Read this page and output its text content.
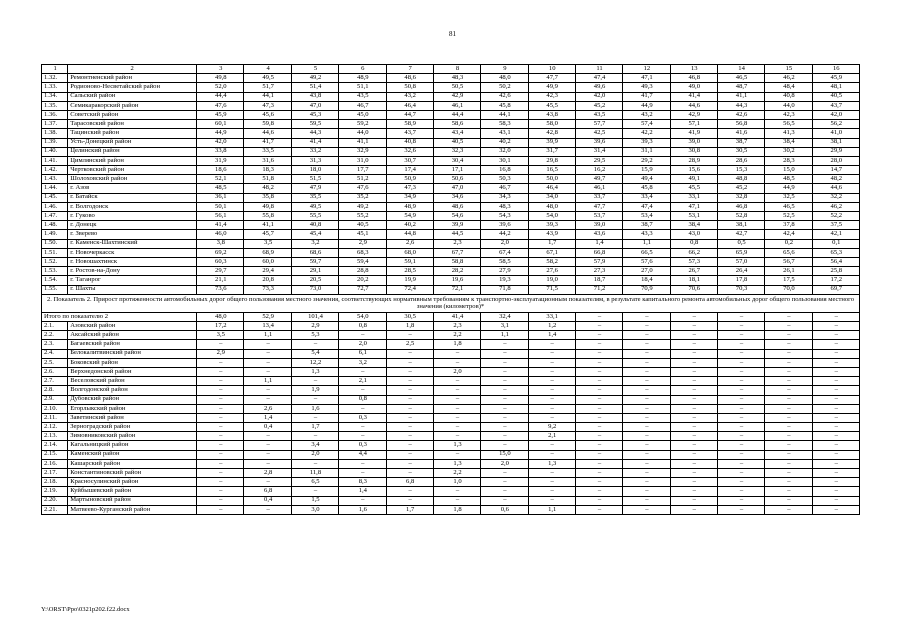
81
1	2	3	4	5	6	7	8	9	10	11	12	13	14	15	16
1.32.	Ремонтненский район	49,8	49,5	49,2	48,9	48,6	48,3	48,0	47,7	47,4	47,1	46,8	46,5	46,2	45,9
1.33.	Родионово-Несветайский район	52,0	51,7	51,4	51,1	50,8	50,5	50,2	49,9	49,6	49,3	49,0	48,7	48,4	48,1
1.34.	Сальский район	44,4	44,1	43,8	43,5	43,2	42,9	42,6	42,3	42,0	41,7	41,4	41,1	40,8	40,5
1.35.	Семикаракорский район	47,6	47,3	47,0	46,7	46,4	46,1	45,8	45,5	45,2	44,9	44,6	44,3	44,0	43,7
1.36.	Советский район	45,9	45,6	45,3	45,0	44,7	44,4	44,1	43,8	43,5	43,2	42,9	42,6	42,3	42,0
1.37.	Тарасовский район	60,1	59,8	59,5	59,2	58,9	58,6	58,3	58,0	57,7	57,4	57,1	56,8	56,5	56,2
1.38.	Тацинский район	44,9	44,6	44,3	44,0	43,7	43,4	43,1	42,8	42,5	42,2	41,9	41,6	41,3	41,0
1.39.	Усть-Донецкий район	42,0	41,7	41,4	41,1	40,8	40,5	40,2	39,9	39,6	39,3	39,0	38,7	38,4	38,1
1.40.	Целинский район	33,8	33,5	33,2	32,9	32,6	32,3	32,0	31,7	31,4	31,1	30,8	30,5	30,2	29,9
1.41.	Цимлянский район	31,9	31,6	31,3	31,0	30,7	30,4	30,1	29,8	29,5	29,2	28,9	28,6	28,3	28,0
1.42.	Чертковский район	18,6	18,3	18,0	17,7	17,4	17,1	16,8	16,5	16,2	15,9	15,6	15,3	15,0	14,7
1.43.	Шолоховский район	52,1	51,8	51,5	51,2	50,9	50,6	50,3	50,0	49,7	49,4	49,1	48,8	48,5	48,2
1.44.	г. Азов	48,5	48,2	47,9	47,6	47,3	47,0	46,7	46,4	46,1	45,8	45,5	45,2	44,9	44,6
1.45.	г. Батайск	36,1	35,8	35,5	35,2	34,9	34,6	34,3	34,0	33,7	33,4	33,1	32,8	32,5	32,2
1.46.	г. Волгодонск	50,1	49,8	49,5	49,2	48,9	48,6	48,3	48,0	47,7	47,4	47,1	46,8	46,5	46,2
1.47.	г. Гуково	56,1	55,8	55,5	55,2	54,9	54,6	54,3	54,0	53,7	53,4	53,1	52,8	52,5	52,2
1.48.	г. Донецк	41,4	41,1	40,8	40,5	40,2	39,9	39,6	39,3	39,0	38,7	38,4	38,1	37,8	37,5
1.49.	г. Зверево	46,0	45,7	45,4	45,1	44,8	44,5	44,2	43,9	43,6	43,3	43,0	42,7	42,4	42,1
1.50.	г. Каменск-Шахтинский	3,8	3,5	3,2	2,9	2,6	2,3	2,0	1,7	1,4	1,1	0,8	0,5	0,2	0,1
1.51.	г. Новочеркасск	69,2	68,9	68,6	68,3	68,0	67,7	67,4	67,1	66,8	66,5	66,2	65,9	65,6	65,3
1.52.	г. Новошахтинск	60,3	60,0	59,7	59,4	59,1	58,8	58,5	58,2	57,9	57,6	57,3	57,0	56,7	56,4
1.53.	г. Ростов-на-Дону	29,7	29,4	29,1	28,8	28,5	28,2	27,9	27,6	27,3	27,0	26,7	26,4	26,1	25,8
1.54.	г. Таганрог	21,1	20,8	20,5	20,2	19,9	19,6	19,3	19,0	18,7	18,4	18,1	17,8	17,5	17,2
1.55.	г. Шахты	73,6	73,3	73,0	72,7	72,4	72,1	71,8	71,5	71,2	70,9	70,6	70,3	70,0	69,7
2. Показатель 2. Прирост протяженности автомобильных дорог общего пользования местного значения, соответствующих нормативным требованиям к транспортно-эксплуатационным показателям, в результате капитального ремонта автомобильных дорог общего пользования местного значения (километров)*															
Итого по показателю 2		48,0	52,9	101,4	54,0	30,5	41,4	32,4	33,1	–	–	–	–	–	–
2.1.	Азовский район	17,2	13,4	2,9	0,8	1,8	2,3	3,1	1,2	–	–	–	–	–	–
2.2.	Аксайский район	3,5	1,1	5,3	–	–	2,2	1,1	1,4	–	–	–	–	–	–
2.3.	Багаевский район	–	–	–	2,0	2,5	1,8	–	–	–	–	–	–	–	–
2.4.	Белокалитвинский район	2,9	–	5,4	6,1	–	–	–	–	–	–	–	–	–	–
2.5.	Боковский район	–	–	12,2	3,2	–	–	–	–	–	–	–	–	–	–
2.6.	Верхнедонской район	–	–	1,3	–	–	2,0	–	–	–	–	–	–	–	–
2.7.	Веселовский район	–	1,1	–	2,1	–	–	–	–	–	–	–	–	–	–
2.8.	Волгодонской район	–	–	1,9	–	–	–	–	–	–	–	–	–	–	–
2.9.	Дубовский район	–	–	–	0,8	–	–	–	–	–	–	–	–	–	–
2.10.	Егорлыкский район	–	2,6	1,6	–	–	–	–	–	–	–	–	–	–	–
2.11.	Заветинский район	–	1,4	–	0,3	–	–	–	–	–	–	–	–	–	–
2.12.	Зерноградский район	–	0,4	1,7	–	–	–	–	9,2	–	–	–	–	–	–
2.13.	Зимовниковский район	–	–	–	–	–	–	–	2,1	–	–	–	–	–	–
2.14.	Кагальницкий район	–	–	3,4	0,3	–	1,3	–	–	–	–	–	–	–	–
2.15.	Каменский район	–	–	2,0	4,4	–	–	15,0	–	–	–	–	–	–	–
2.16.	Кашарский район	–	–	–	–	–	1,3	2,0	1,3	–	–	–	–	–	–
2.17.	Константиновский район	–	2,8	11,8	–	–	2,2	–	–	–	–	–	–	–	–
2.18.	Красносулинский район	–	–	6,5	8,3	6,8	1,0	–	–	–	–	–	–	–	–
2.19.	Куйбышевский район	–	6,8	–	1,4	–	–	–	–	–	–	–	–	–	–
2.20.	Мартыновский район	–	0,4	1,5	–	–	–	–	–	–	–	–	–	–	–
2.21.	Матвеево-Курганский район	–	–	3,0	1,6	1,7	1,8	0,6	1,1	–	–	–	–	–	–
Y:\ORST\Ppo\0321p202.f22.docx
